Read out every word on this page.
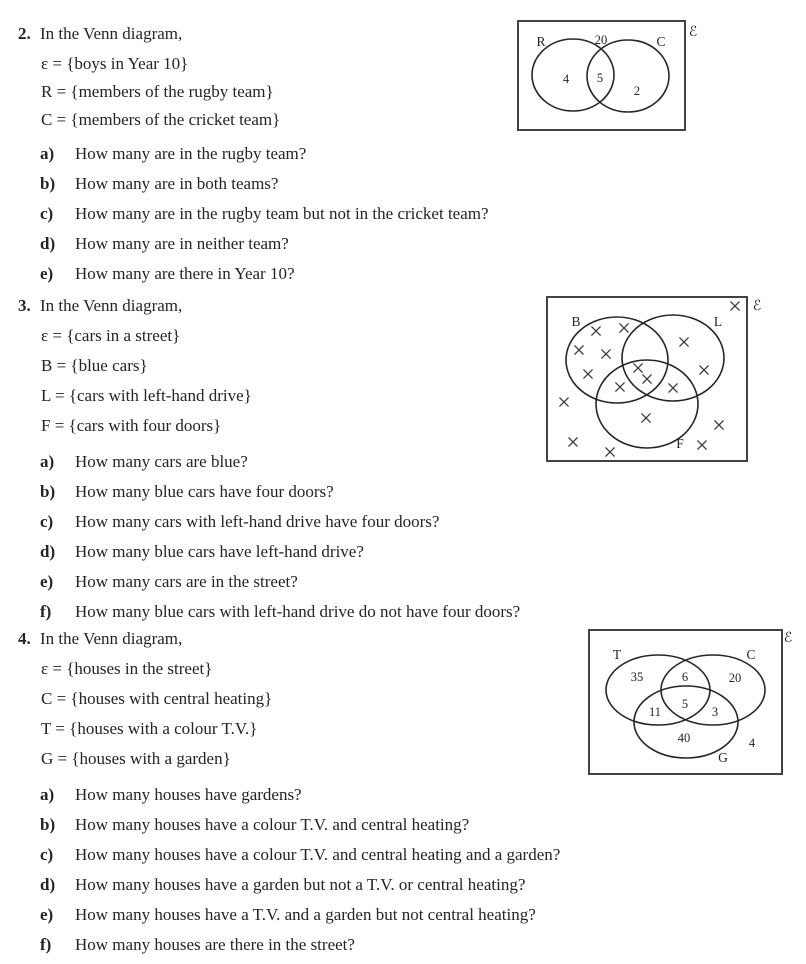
2. In the Venn diagram,
ε = {boys in Year 10}
R = {members of the rugby team}
C = {members of the cricket team}
a)	How many are in the rugby team?
b)	How many are in both teams?
c)	How many are in the rugby team but not in the cricket team?
d)	How many are in neither team?
e)	How many are there in Year 10?
3. In the Venn diagram,
ε = {cars in a street}
B = {blue cars}
L = {cars with left-hand drive}
F = {cars with four doors}
a)	How many cars are blue?
b)	How many blue cars have four doors?
c)	How many cars with left-hand drive have four doors?
d)	How many blue cars have left-hand drive?
e)	How many cars are in the street?
f)	How many blue cars with left-hand drive do not have four doors?
4. In the Venn diagram,
ε = {houses in the street}
C = {houses with central heating}
T = {houses with a colour T.V.}
G = {houses with a garden}
a)	How many houses have gardens?
b)	How many houses have a colour T.V. and central heating?
c)	How many houses have a colour T.V. and central heating and a garden?
d)	How many houses have a garden but not a T.V. or central heating?
e)	How many houses have a T.V. and a garden but not central heating?
f)	How many houses are there in the street?
ℰ
R	C
20
4 5
2
ℰ
B	L
F
ℰ
T	C
G
35	6	20
5
11	3
40	4
